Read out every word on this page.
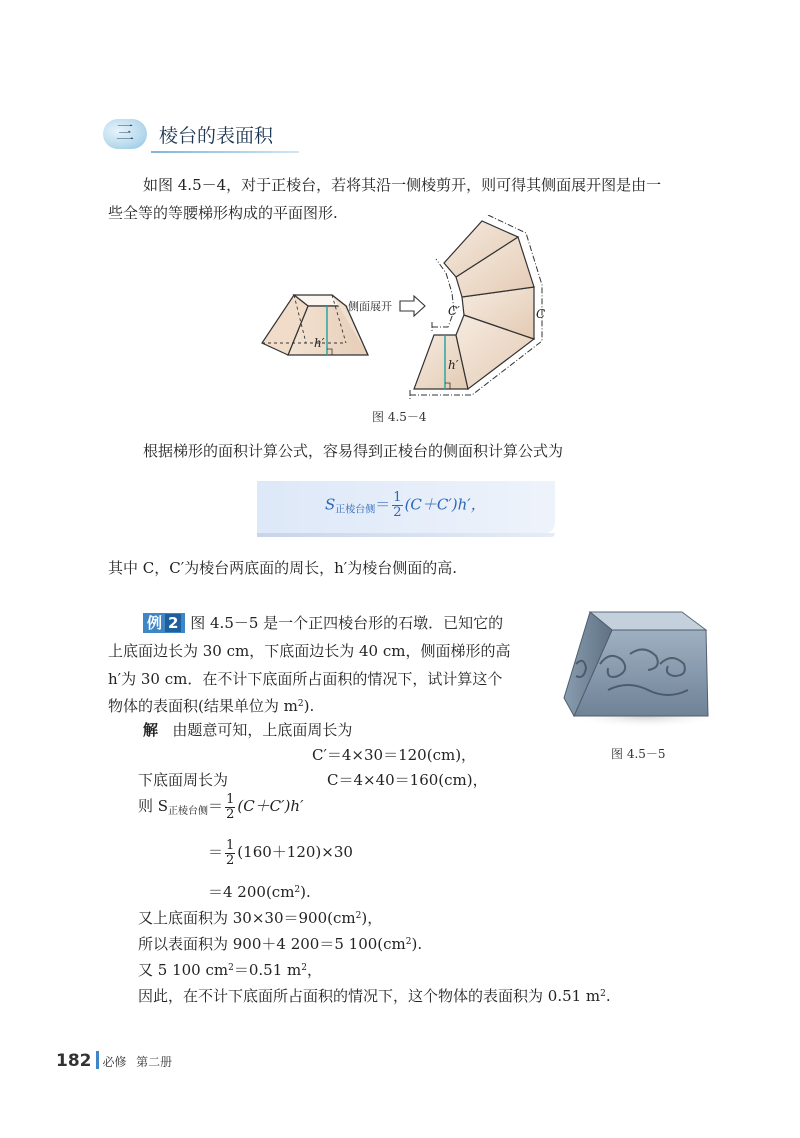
三	棱台的表面积
如图 4.5－4，对于正棱台，若将其沿一侧棱剪开，则可得其侧面展开图是由一
些全等的等腰梯形构成的平面图形.
h′
侧面展开	C′	C
h′
图 4.5－4
根据梯形的面积计算公式，容易得到正棱台的侧面积计算公式为
$S_{正棱台侧}= \frac{1}{2} (C+C')h'$，
其中 C，C′为棱台两底面的周长，h′为棱台侧面的高.
例 2 图 4.5－5 是一个正四棱台形的石墩．已知它的
上底面边长为 30 cm，下底面边长为 40 cm，侧面梯形的高
h′为 30 cm．在不计下底面所占面积的情况下，试计算这个
物体的表面积(结果单位为 $m^2$).
图 4.5－5
解 由题意可知，上底面周长为
C′＝4×30＝120(cm)，
下底面周长为	C＝4×40＝160(cm)，
则 $S_{正棱台侧}= \frac{1}{2} (C+C')h'$
＝ $\frac{1}{2} (160+120)\times 30$
＝4 $200(cm^2)$.
又上底面积为 $30\times 30=900(cm^2)$，
所以表面积为 900＋4 200＝5 $100(cm^2)$.
又 5 100 $cm^2=0.51$ $m^2$，
因此，在不计下底面所占面积的情况下，这个物体的表面积为 0.51 $m^2$.
182 必修 第二册
